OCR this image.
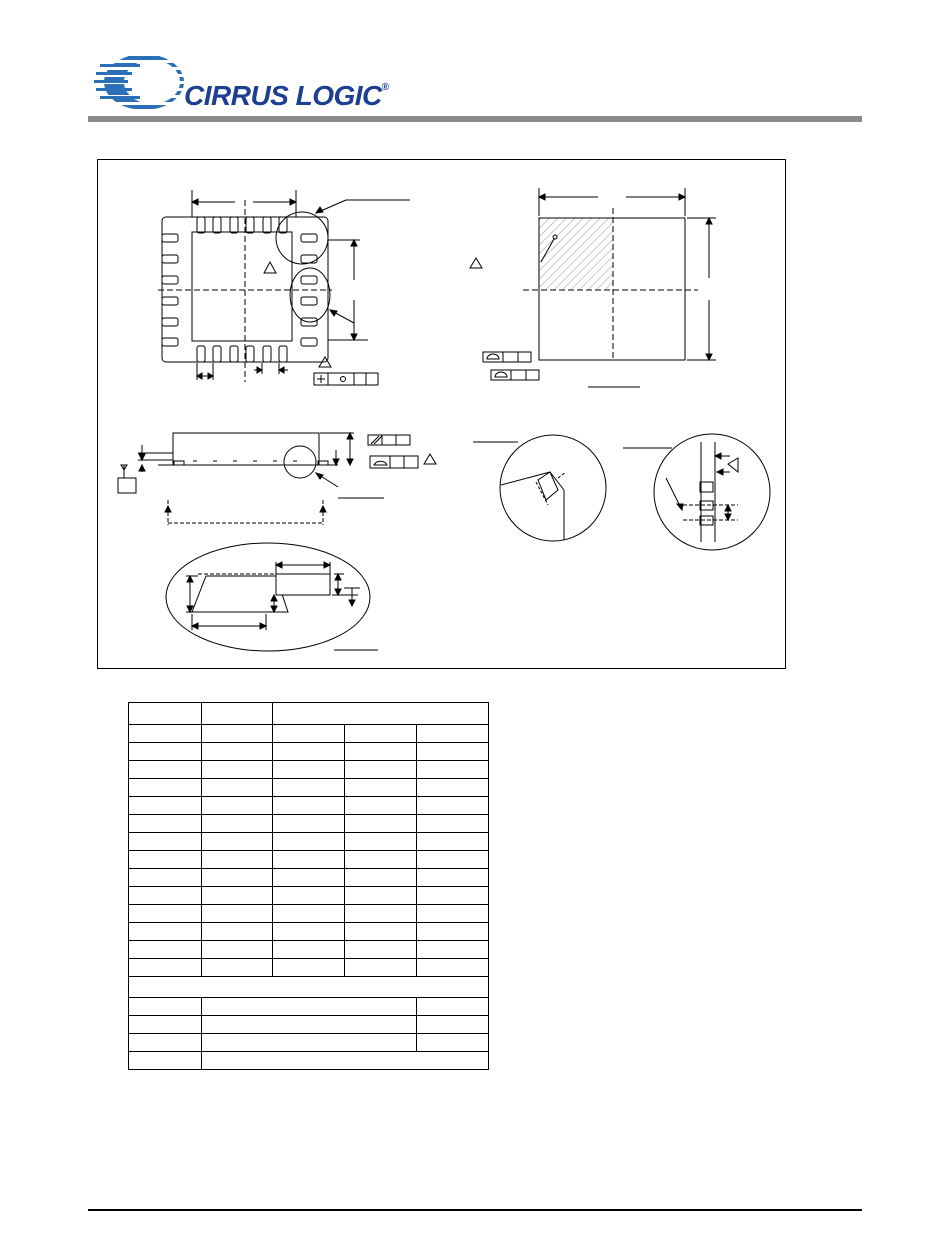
CIRRUS LOGIC®
